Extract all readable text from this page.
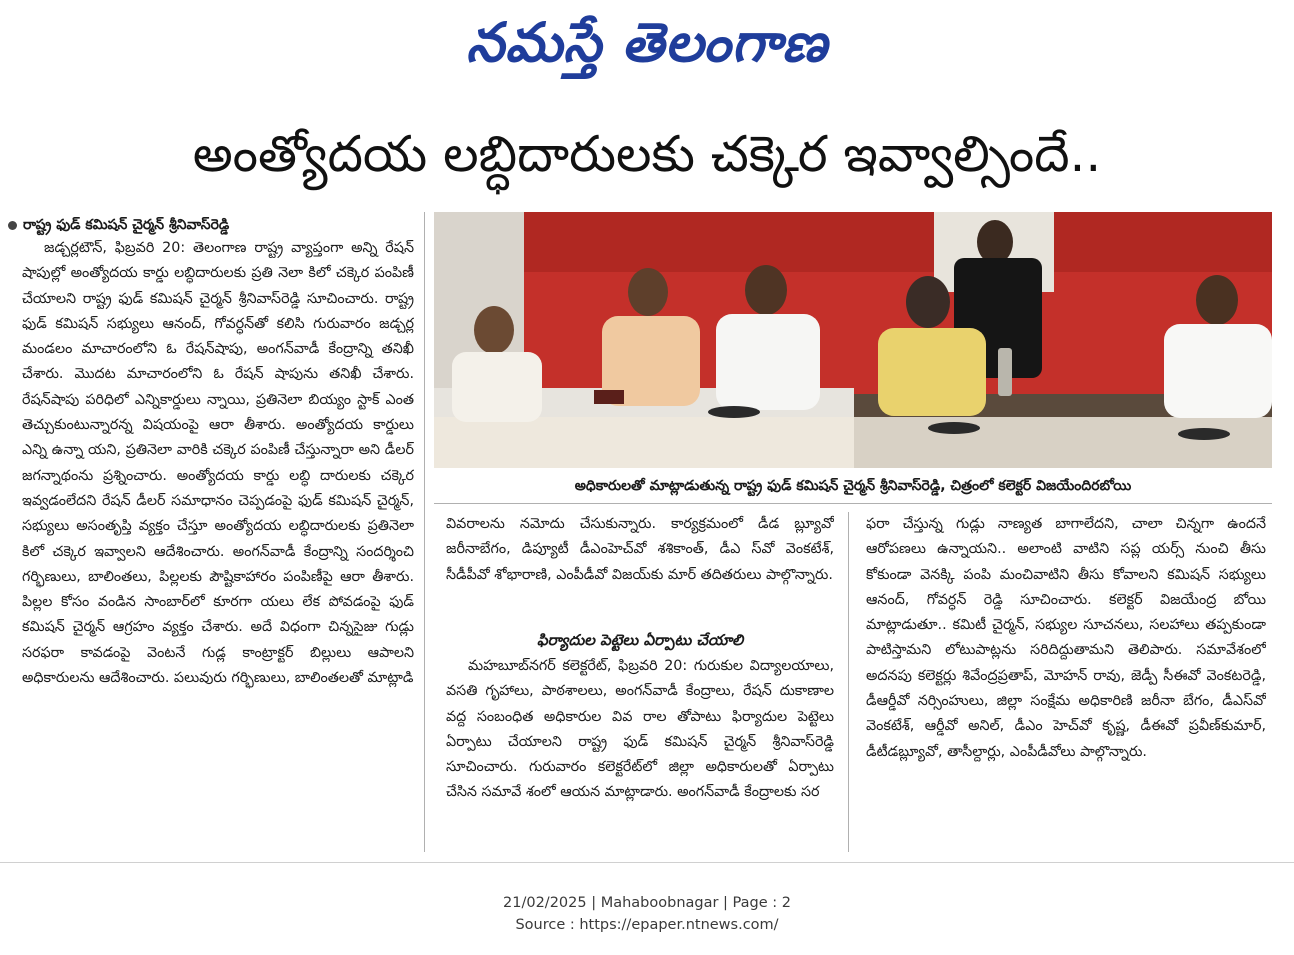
నమస్తే తెలంగాణ
అంత్యోదయ లబ్ధిదారులకు చక్కెర ఇవ్వాల్సిందే..
రాష్ట్ర ఫుడ్ కమిషన్ చైర్మన్ శ్రీనివాస్‌రెడ్డి

జడ్చర్లటౌన్, ఫిబ్రవరి 20: తెలంగాణ రాష్ట్ర వ్యాప్తంగా అన్ని రేషన్ షాపుల్లో అంత్యోదయ కార్డు లబ్ధిదారులకు ప్రతి నెలా కిలో చక్కెర పంపిణీ చేయాలని రాష్ట్ర ఫుడ్ కమిషన్ చైర్మన్ శ్రీనివాస్‌రెడ్డి సూచించారు. రాష్ట్ర ఫుడ్ కమిషన్ సభ్యులు ఆనంద్, గోవర్ధన్‌తో కలిసి గురువారం జడ్చర్ల మండలం మాచారంలోని ఓ రేషన్‌షాపు, అంగన్‌వాడీ కేంద్రాన్ని తనిఖీ చేశారు. మొదట మాచారంలోని ఓ రేషన్ షాపును తనిఖీ చేశారు. రేషన్‌షాపు పరిధిలో ఎన్నికార్డులు న్నాయి, ప్రతినెలా బియ్యం స్టాక్ ఎంత తెచ్చుకుంటున్నారన్న విషయంపై ఆరా తీశారు. అంత్యోదయ కార్డులు ఎన్ని ఉన్నా యని, ప్రతినెలా వారికి చక్కెర పంపిణీ చేస్తున్నారా అని డీలర్ జగన్నాథంను ప్రశ్నించారు. అంత్యోదయ కార్డు లబ్ధి దారులకు చక్కెర ఇవ్వడంలేదని రేషన్ డీలర్ సమాధానం చెప్పడంపై ఫుడ్ కమిషన్ చైర్మన్, సభ్యులు అసంతృప్తి వ్యక్తం చేస్తూ అంత్యోదయ లబ్ధిదారులకు ప్రతినెలా కిలో చక్కెర ఇవ్వాలని ఆదేశించారు. అంగన్‌వాడీ కేంద్రాన్ని సందర్శించి గర్భిణులు, బాలింతలు, పిల్లలకు పౌష్టికాహారం పంపిణీపై ఆరా తీశారు. పిల్లల కోసం వండిన సాంబార్‌లో కూరగా యలు లేక పోవడంపై ఫుడ్ కమిషన్ చైర్మన్ ఆగ్రహం వ్యక్తం చేశారు. అదే విధంగా చిన్నసైజు గుడ్లు సరఫరా కావడంపై వెంటనే గుడ్ల కాంట్రాక్టర్ బిల్లులు ఆపాలని అధికారులను ఆదేశించారు. పలువురు గర్భిణులు, బాలింతలతో మాట్లాడి

అధికారులతో మాట్లాడుతున్న రాష్ట్ర ఫుడ్ కమిషన్ చైర్మన్ శ్రీనివాస్‌రెడ్డి, చిత్రంలో కలెక్టర్ విజయేందిరబోయి

వివరాలను నమోదు చేసుకున్నారు. కార్యక్రమంలో డీడ బ్ల్యూవో జరీనాబేగం, డిప్యూటీ డీఎంహెచ్‌వో శశికాంత్, డీఎ స్‌వో వెంకటేశ్, సీడీపీవో శోభారాణి, ఎంపీడీవో విజయ్‌కు మార్ తదితరులు పాల్గొన్నారు.

ఫిర్యాదుల పెట్టెలు ఏర్పాటు చేయాలి

మహబూబ్‌నగర్ కలెక్టరేట్, ఫిబ్రవరి 20: గురుకుల విద్యాలయాలు, వసతి గృహాలు, పాఠశాలలు, అంగన్‌వాడీ కేంద్రాలు, రేషన్ దుకాణాల వద్ద సంబంధిత అధికారుల వివ రాల తోపాటు ఫిర్యాదుల పెట్టెలు ఏర్పాటు చేయాలని రాష్ట్ర ఫుడ్ కమిషన్ చైర్మన్ శ్రీనివాస్‌రెడ్డి సూచించారు. గురువారం కలెక్టరేట్‌లో జిల్లా అధికారులతో ఏర్పాటు చేసిన సమావే శంలో ఆయన మాట్లాడారు. అంగన్‌వాడీ కేంద్రాలకు సర

ఫరా చేస్తున్న గుడ్లు నాణ్యత బాగాలేదని, చాలా చిన్నగా ఉందనే ఆరోపణలు ఉన్నాయని.. అలాంటి వాటిని సప్ల యర్స్ నుంచి తీసు కోకుండా వెనక్కి పంపి మంచివాటిని తీసు కోవాలని కమిషన్ సభ్యులు ఆనంద్, గోవర్ధన్ రెడ్డి సూచించారు. కలెక్టర్ విజయేంద్ర బోయి మాట్లాడుతూ.. కమిటీ చైర్మన్, సభ్యుల సూచనలు, సలహాలు తప్పకుండా పాటిస్తామని లోటుపాట్లను సరిదిద్దుతామని తెలిపారు. సమావేశంలో అదనపు కలెక్టర్లు శివేంద్రప్రతాప్, మోహన్ రావు, జెడ్పీ సీఈవో వెంకటరెడ్డి, డీఆర్డీవో నర్సింహులు, జిల్లా సంక్షేమ అధికారిణి జరీనా బేగం, డీఎస్‌వో వెంకటేశ్, ఆర్డీవో అనిల్, డీఎం హెచ్‌వో కృష్ణ, డీఈవో ప్రవీణ్‌కుమార్, డీటీడబ్ల్యూవో, తాసీల్దార్లు, ఎంపీడీవోలు పాల్గొన్నారు.

21/02/2025 | Mahaboobnagar | Page : 2
Source : https://epaper.ntnews.com/
